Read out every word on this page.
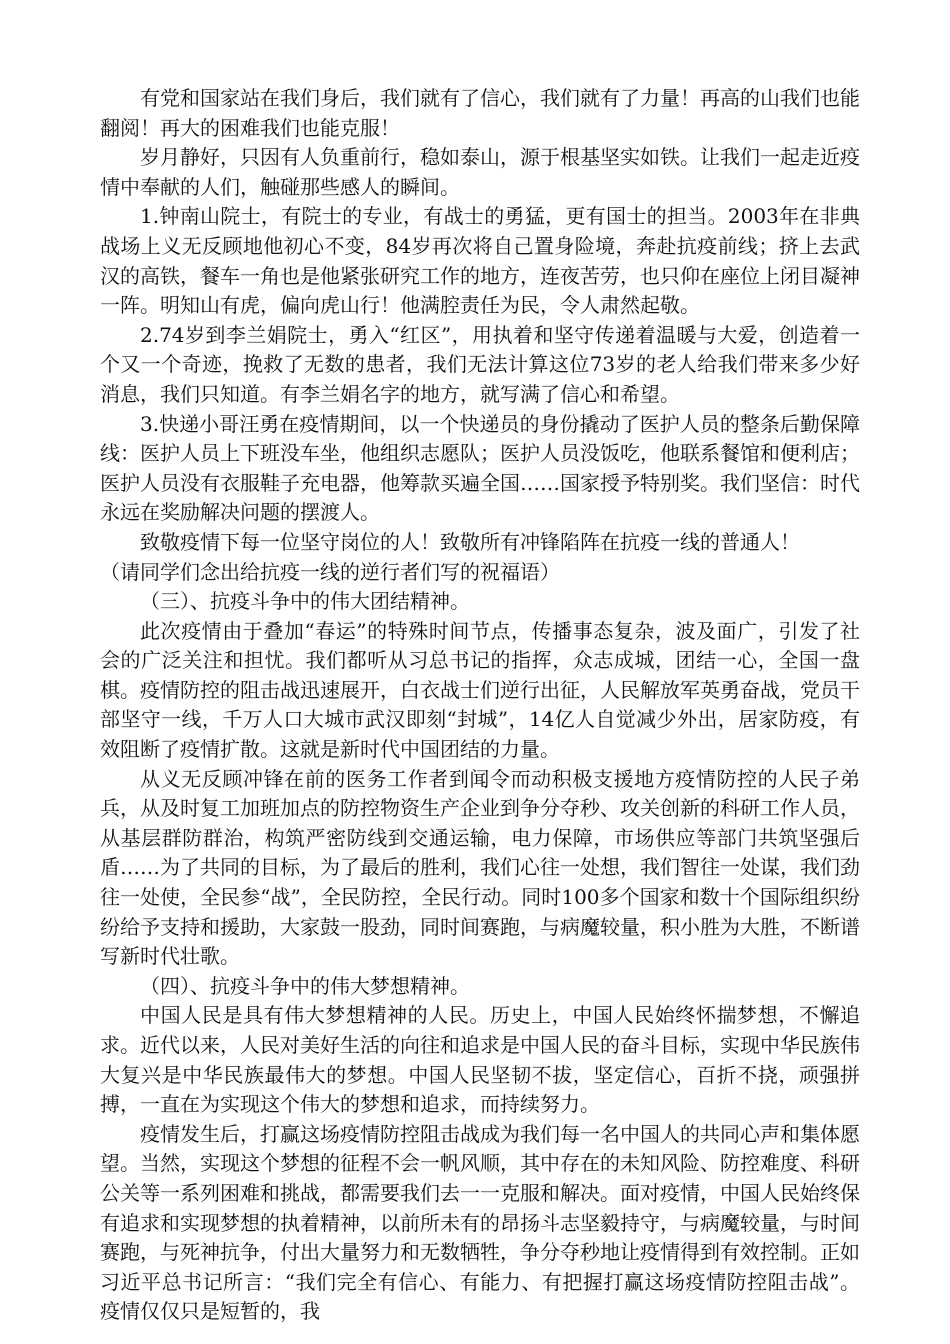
有党和国家站在我们身后，我们就有了信心，我们就有了力量！再高的山我们也能翻阅！再大的困难我们也能克服！

岁月静好，只因有人负重前行，稳如泰山，源于根基坚实如铁。让我们一起走近疫情中奉献的人们，触碰那些感人的瞬间。

1.钟南山院士，有院士的专业，有战士的勇猛，更有国士的担当。2003年在非典战场上义无反顾地他初心不变，84岁再次将自己置身险境，奔赴抗疫前线；挤上去武汉的高铁，餐车一角也是他紧张研究工作的地方，连夜苦劳，也只仰在座位上闭目凝神一阵。明知山有虎，偏向虎山行！他满腔责任为民，令人肃然起敬。

2.74岁到李兰娟院士，勇入“红区”，用执着和坚守传递着温暖与大爱，创造着一个又一个奇迹，挽救了无数的患者，我们无法计算这位73岁的老人给我们带来多少好消息，我们只知道。有李兰娟名字的地方，就写满了信心和希望。

3.快递小哥汪勇在疫情期间，以一个快递员的身份撬动了医护人员的整条后勤保障线：医护人员上下班没车坐，他组织志愿队；医护人员没饭吃，他联系餐馆和便利店；医护人员没有衣服鞋子充电器，他筹款买遍全国……国家授予特别奖。我们坚信：时代永远在奖励解决问题的摆渡人。

致敬疫情下每一位坚守岗位的人！致敬所有冲锋陷阵在抗疫一线的普通人！

（请同学们念出给抗疫一线的逆行者们写的祝福语）

（三）、抗疫斗争中的伟大团结精神。

此次疫情由于叠加“春运”的特殊时间节点，传播事态复杂，波及面广，引发了社会的广泛关注和担忧。我们都听从习总书记的指挥，众志成城，团结一心，全国一盘棋。疫情防控的阻击战迅速展开，白衣战士们逆行出征，人民解放军英勇奋战，党员干部坚守一线，千万人口大城市武汉即刻“封城”，14亿人自觉减少外出，居家防疫，有效阻断了疫情扩散。这就是新时代中国团结的力量。

从义无反顾冲锋在前的医务工作者到闻令而动积极支援地方疫情防控的人民子弟兵，从及时复工加班加点的防控物资生产企业到争分夺秒、攻关创新的科研工作人员，从基层群防群治，构筑严密防线到交通运输，电力保障，市场供应等部门共筑坚强后盾……为了共同的目标，为了最后的胜利，我们心往一处想，我们智往一处谋，我们劲往一处使，全民参“战”，全民防控，全民行动。同时100多个国家和数十个国际组织纷纷给予支持和援助，大家鼓一股劲，同时间赛跑，与病魔较量，积小胜为大胜，不断谱写新时代壮歌。

（四）、抗疫斗争中的伟大梦想精神。

中国人民是具有伟大梦想精神的人民。历史上，中国人民始终怀揣梦想，不懈追求。近代以来，人民对美好生活的向往和追求是中国人民的奋斗目标，实现中华民族伟大复兴是中华民族最伟大的梦想。中国人民坚韧不拔，坚定信心，百折不挠，顽强拼搏，一直在为实现这个伟大的梦想和追求，而持续努力。

疫情发生后，打赢这场疫情防控阻击战成为我们每一名中国人的共同心声和集体愿望。当然，实现这个梦想的征程不会一帆风顺，其中存在的未知风险、防控难度、科研公关等一系列困难和挑战，都需要我们去一一克服和解决。面对疫情，中国人民始终保有追求和实现梦想的执着精神，以前所未有的昂扬斗志坚毅持守，与病魔较量，与时间赛跑，与死神抗争，付出大量努力和无数牺牲，争分夺秒地让疫情得到有效控制。正如习近平总书记所言：“我们完全有信心、有能力、有把握打赢这场疫情防控阻击战”。疫情仅仅只是短暂的，我
